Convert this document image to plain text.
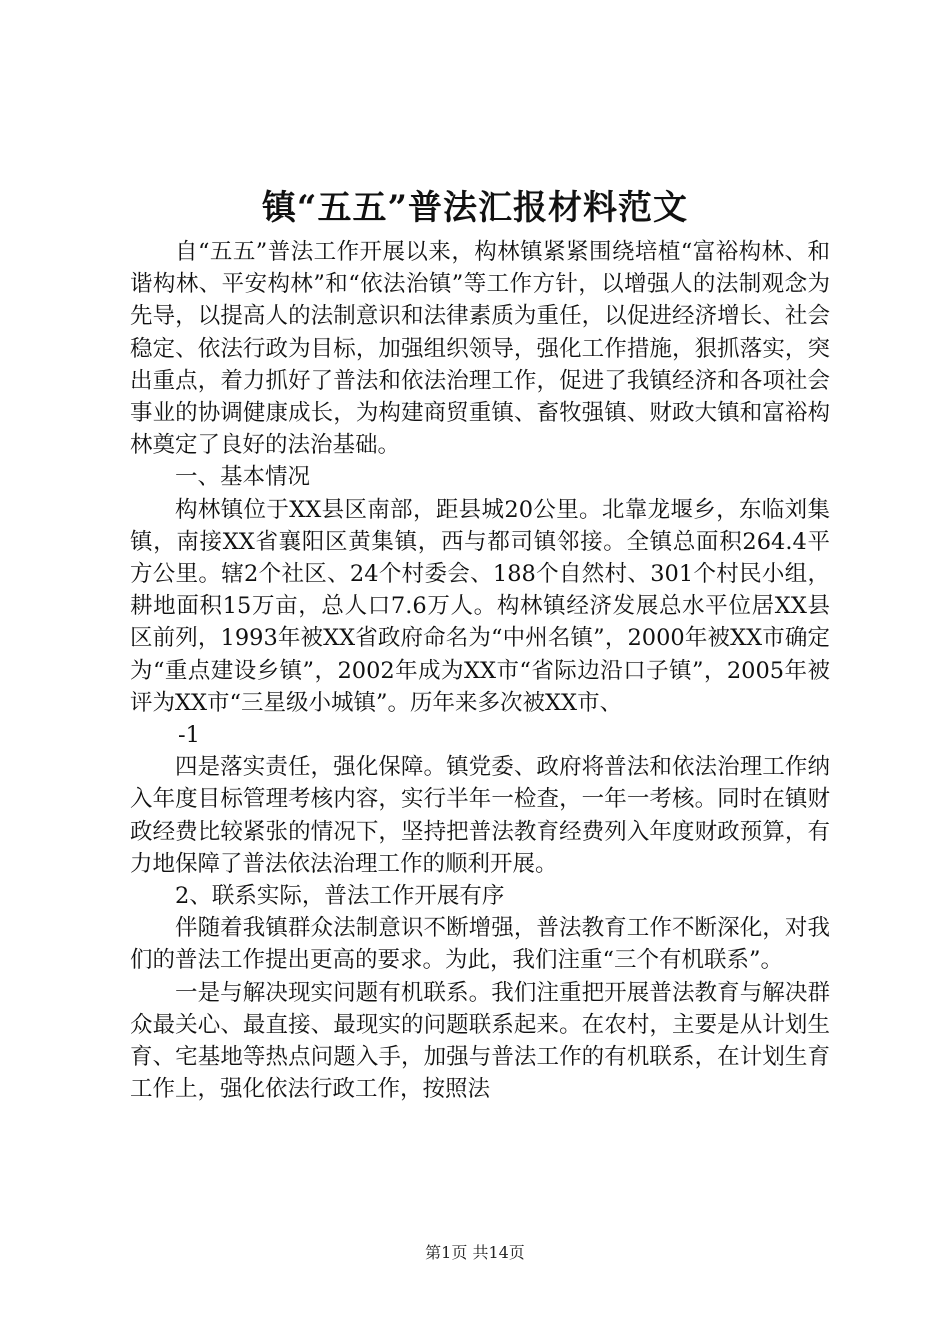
镇“五五”普法汇报材料范文

自“五五”普法工作开展以来，构林镇紧紧围绕培植“富裕构林、和谐构林、平安构林”和“依法治镇”等工作方针，以增强人的法制观念为先导，以提高人的法制意识和法律素质为重任，以促进经济增长、社会稳定、依法行政为目标，加强组织领导，强化工作措施，狠抓落实，突出重点，着力抓好了普法和依法治理工作，促进了我镇经济和各项社会事业的协调健康成长，为构建商贸重镇、畜牧强镇、财政大镇和富裕构林奠定了良好的法治基础。

一、基本情况

构林镇位于XX县区南部，距县城20公里。北靠龙堰乡，东临刘集镇，南接XX省襄阳区黄集镇，西与都司镇邻接。全镇总面积264.4平方公里。辖2个社区、24个村委会、188个自然村、301个村民小组，耕地面积15万亩，总人口7.6万人。构林镇经济发展总水平位居XX县区前列，1993年被XX省政府命名为“中州名镇”，2000年被XX市确定为“重点建设乡镇”，2002年成为XX市“省际边沿口子镇”，2005年被评为XX市“三星级小城镇”。历年来多次被XX市、

-1

四是落实责任，强化保障。镇党委、政府将普法和依法治理工作纳入年度目标管理考核内容，实行半年一检查，一年一考核。同时在镇财政经费比较紧张的情况下，坚持把普法教育经费列入年度财政预算，有力地保障了普法依法治理工作的顺利开展。

2、联系实际，普法工作开展有序

伴随着我镇群众法制意识不断增强，普法教育工作不断深化，对我们的普法工作提出更高的要求。为此，我们注重“三个有机联系”。

一是与解决现实问题有机联系。我们注重把开展普法教育与解决群众最关心、最直接、最现实的问题联系起来。在农村，主要是从计划生育、宅基地等热点问题入手，加强与普法工作的有机联系，在计划生育工作上，强化依法行政工作，按照法

第1页 共14页
